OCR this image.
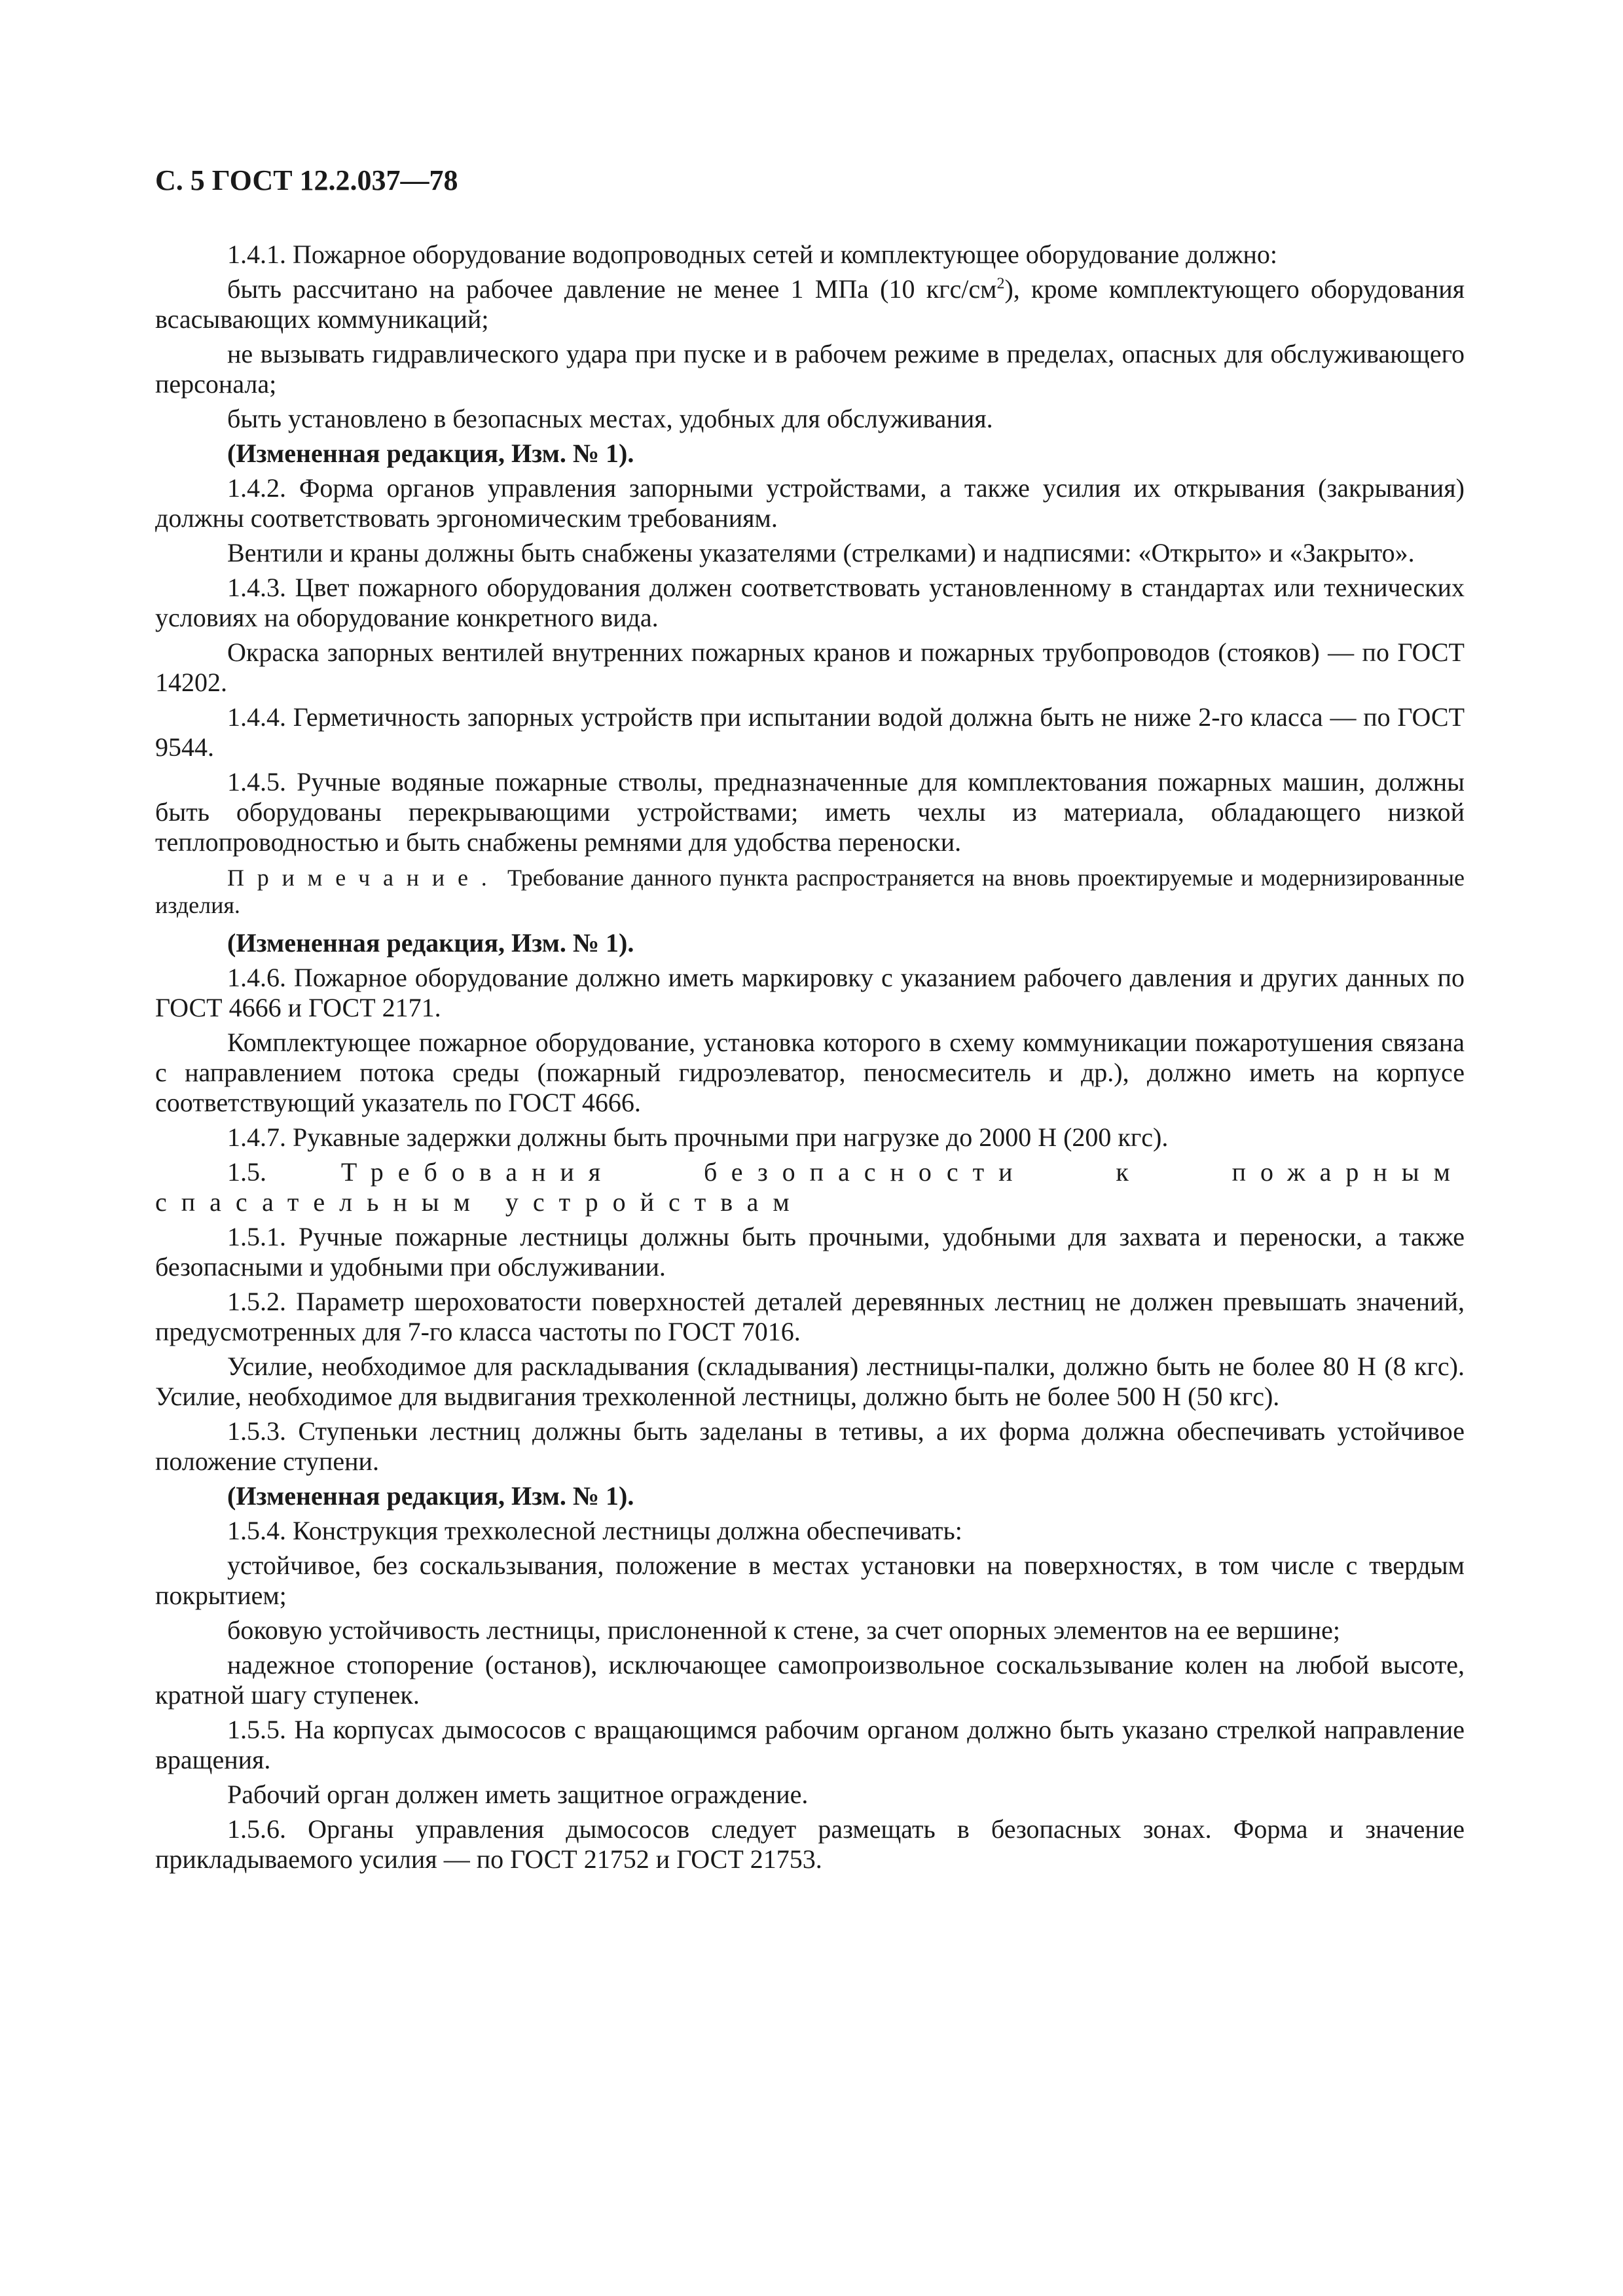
С. 5 ГОСТ 12.2.037—78

1.4.1. Пожарное оборудование водопроводных сетей и комплектующее оборудование должно:

быть рассчитано на рабочее давление не менее 1 МПа (10 кгс/$см^2$), кроме комплектующего оборудования всасывающих коммуникаций;

не вызывать гидравлического удара при пуске и в рабочем режиме в пределах, опасных для обслуживающего персонала;

быть установлено в безопасных местах, удобных для обслуживания.

(Измененная редакция, Изм. № 1).

1.4.2. Форма органов управления запорными устройствами, а также усилия их открывания (закрывания) должны соответствовать эргономическим требованиям.

Вентили и краны должны быть снабжены указателями (стрелками) и надписями: «Открыто» и «Закрыто».

1.4.3. Цвет пожарного оборудования должен соответствовать установленному в стандартах или технических условиях на оборудование конкретного вида.

Окраска запорных вентилей внутренних пожарных кранов и пожарных трубопроводов (стояков) — по ГОСТ 14202.

1.4.4. Герметичность запорных устройств при испытании водой должна быть не ниже 2-го класса — по ГОСТ 9544.

1.4.5. Ручные водяные пожарные стволы, предназначенные для комплектования пожарных машин, должны быть оборудованы перекрывающими устройствами; иметь чехлы из материала, обладающего низкой теплопроводностью и быть снабжены ремнями для удобства переноски.

Примечание. Требование данного пункта распространяется на вновь проектируемые и модернизированные изделия.

(Измененная редакция, Изм. № 1).

1.4.6. Пожарное оборудование должно иметь маркировку с указанием рабочего давления и других данных по ГОСТ 4666 и ГОСТ 2171.

Комплектующее пожарное оборудование, установка которого в схему коммуникации пожаротушения связана с направлением потока среды (пожарный гидроэлеватор, пеносмеситель и др.), должно иметь на корпусе соответствующий указатель по ГОСТ 4666.

1.4.7. Рукавные задержки должны быть прочными при нагрузке до 2000 Н (200 кгс).

1.5.	Требования безопасности к пожарным спасательным устройствам

1.5.1. Ручные пожарные лестницы должны быть прочными, удобными для захвата и переноски, а также безопасными и удобными при обслуживании.

1.5.2. Параметр шероховатости поверхностей деталей деревянных лестниц не должен превышать значений, предусмотренных для 7-го класса частоты по ГОСТ 7016.

Усилие, необходимое для раскладывания (складывания) лестницы-палки, должно быть не более 80 Н (8 кгс). Усилие, необходимое для выдвигания трехколенной лестницы, должно быть не более 500 Н (50 кгс).

1.5.3. Ступеньки лестниц должны быть заделаны в тетивы, а их форма должна обеспечивать устойчивое положение ступени.

(Измененная редакция, Изм. № 1).

1.5.4. Конструкция трехколесной лестницы должна обеспечивать:

устойчивое, без соскальзывания, положение в местах установки на поверхностях, в том числе с твердым покрытием;

боковую устойчивость лестницы, прислоненной к стене, за счет опорных элементов на ее вершине;

надежное стопорение (останов), исключающее самопроизвольное соскальзывание колен на любой высоте, кратной шагу ступенек.

1.5.5. На корпусах дымососов с вращающимся рабочим органом должно быть указано стрелкой направление вращения.

Рабочий орган должен иметь защитное ограждение.

1.5.6. Органы управления дымососов следует размещать в безопасных зонах. Форма и значение прикладываемого усилия — по ГОСТ 21752 и ГОСТ 21753.
